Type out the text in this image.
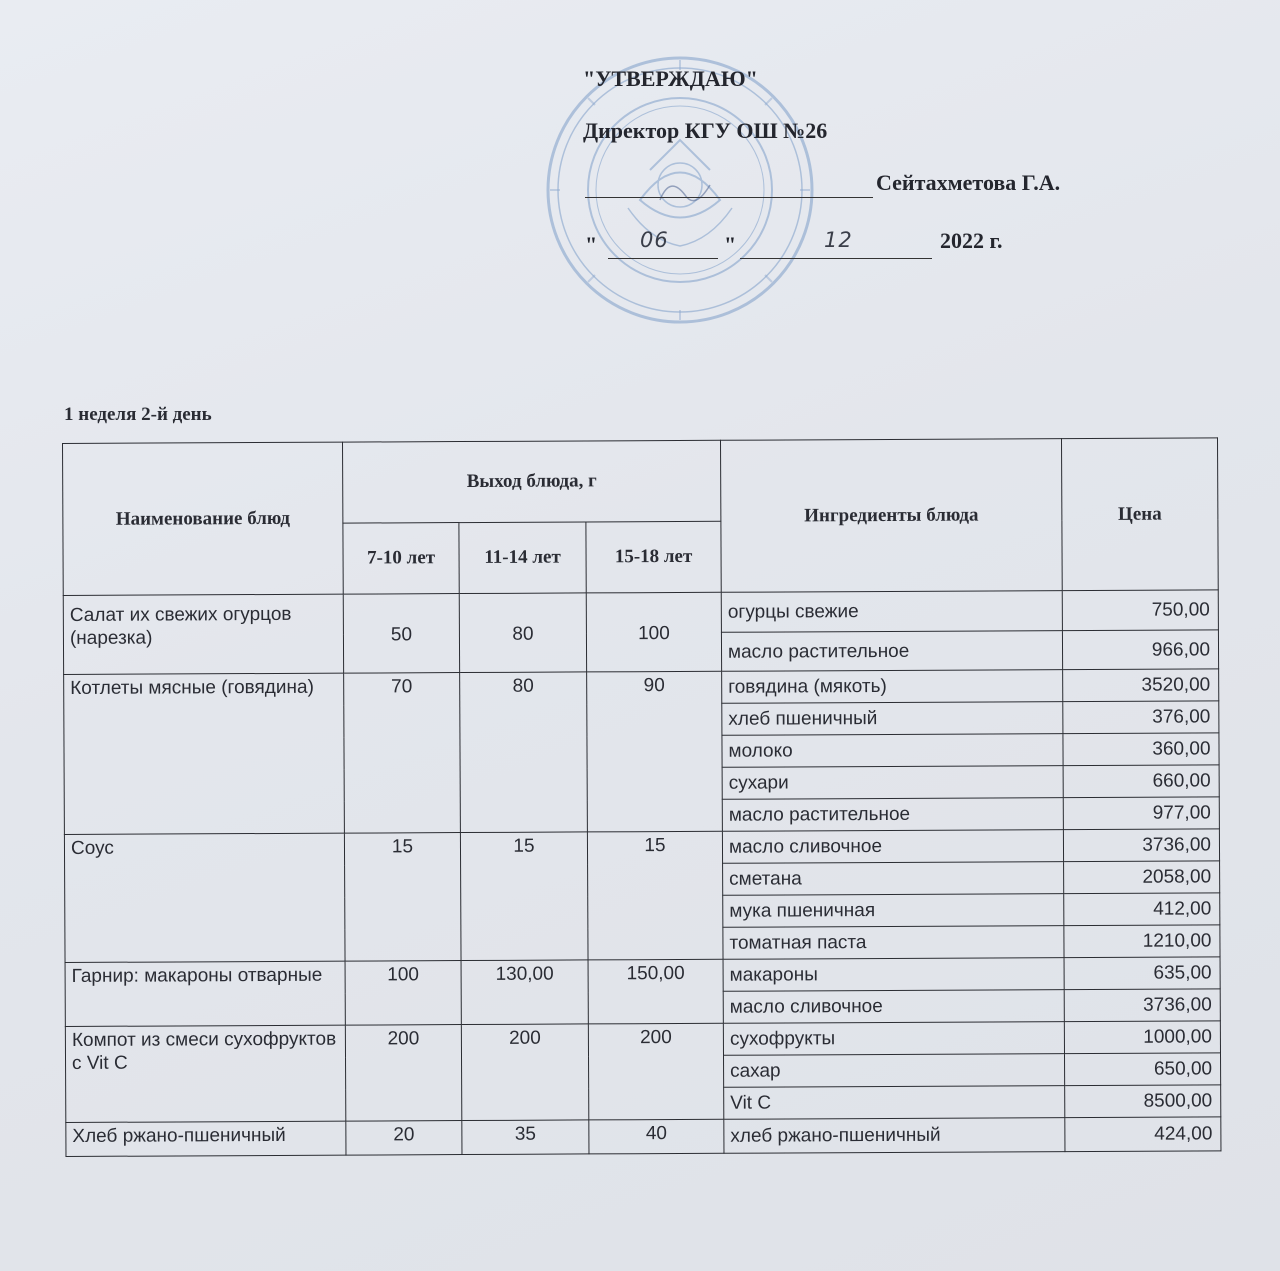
"УТВЕРЖДАЮ"
Директор КГУ ОШ №26
Сейтахметова Г.А.
" 06	"	12	2022 г.
1 неделя 2-й день
Наименование блюд	Выход блюда, г			Ингредиенты блюда	Цена
	7-10 лет	11-14 лет	15-18 лет		
Салат их свежих огурцов (нарезка)	50	80	100	огурцы свежие	750,00
				масло растительное	966,00
Котлеты мясные (говядина)	70	80	90	говядина (мякоть)	3520,00
				хлеб пшеничный	376,00
				молоко	360,00
				сухари	660,00
				масло растительное	977,00
Соус	15	15	15	масло сливочное	3736,00
				сметана	2058,00
				мука пшеничная	412,00
				томатная паста	1210,00
Гарнир: макароны отварные	100	130,00	150,00	макароны	635,00
				масло сливочное	3736,00
Компот из смеси сухофруктов с Vit C	200	200	200	сухофрукты	1000,00
				сахар	650,00
				Vit C	8500,00
Хлеб ржано-пшеничный	20	35	40	хлеб ржано-пшеничный	424,00
